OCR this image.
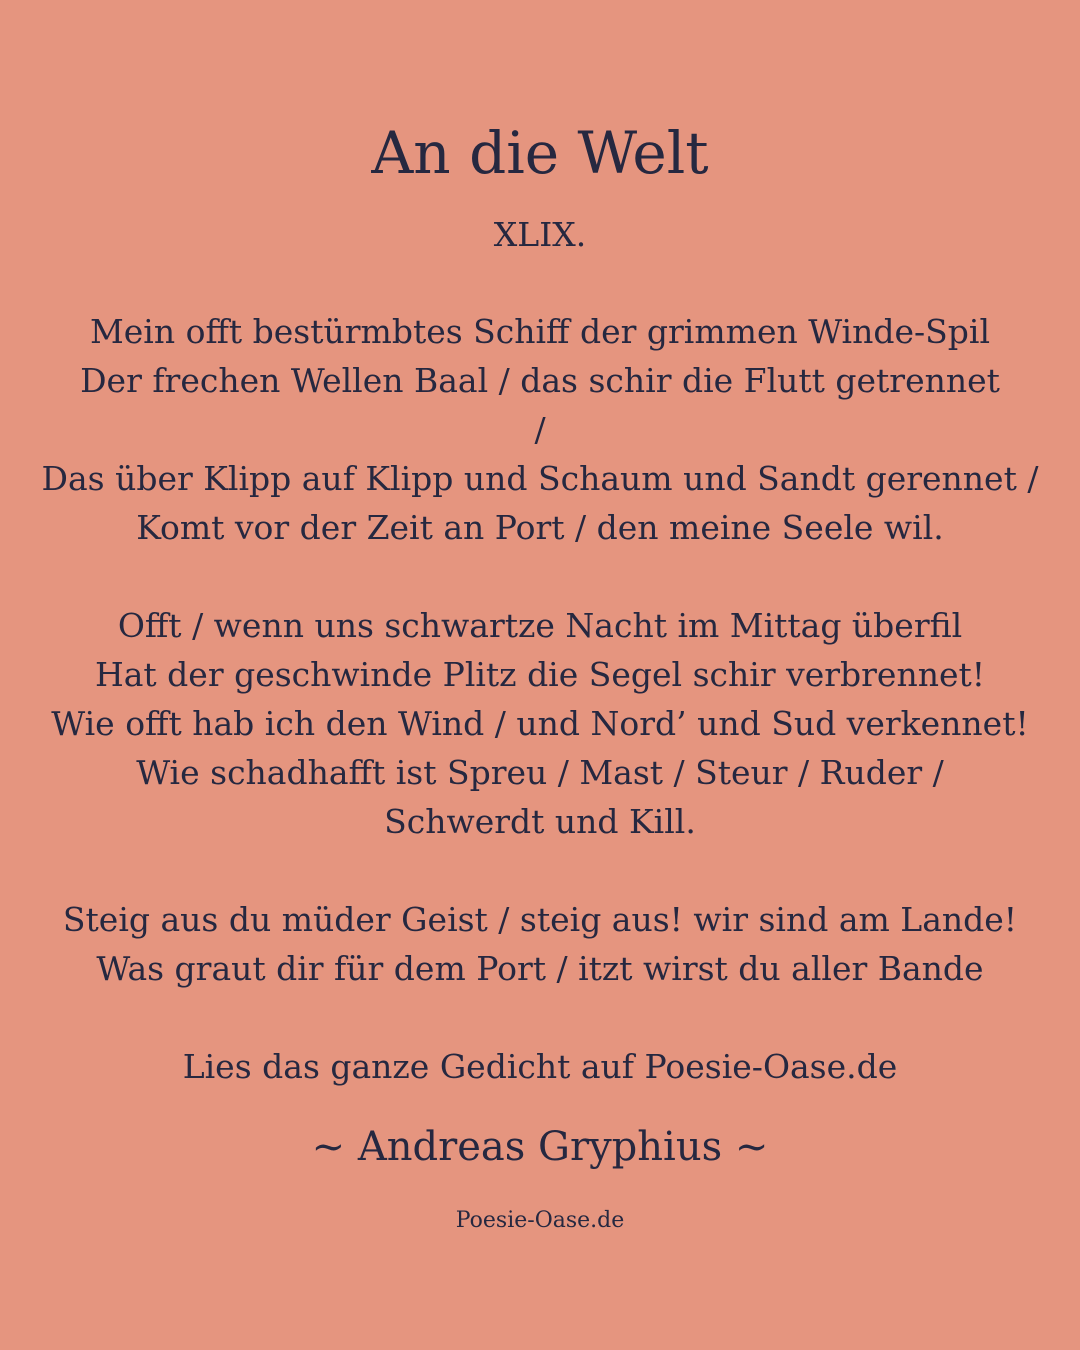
An die Welt
XLIX.
Mein offt bestürmbtes Schiff der grimmen Winde-Spil
Der frechen Wellen Baal / das schir die Flutt getrennet
/
Das über Klipp auf Klipp und Schaum und Sandt gerennet /
Komt vor der Zeit an Port / den meine Seele wil.
Offt / wenn uns schwartze Nacht im Mittag überfil
Hat der geschwinde Plitz die Segel schir verbrennet!
Wie offt hab ich den Wind / und Nord’ und Sud verkennet!
Wie schadhafft ist Spreu / Mast / Steur / Ruder /
Schwerdt und Kill.
Steig aus du müder Geist / steig aus! wir sind am Lande!
Was graut dir für dem Port / itzt wirst du aller Bande
Lies das ganze Gedicht auf Poesie-Oase.de
~ Andreas Gryphius ~
Poesie-Oase.de
